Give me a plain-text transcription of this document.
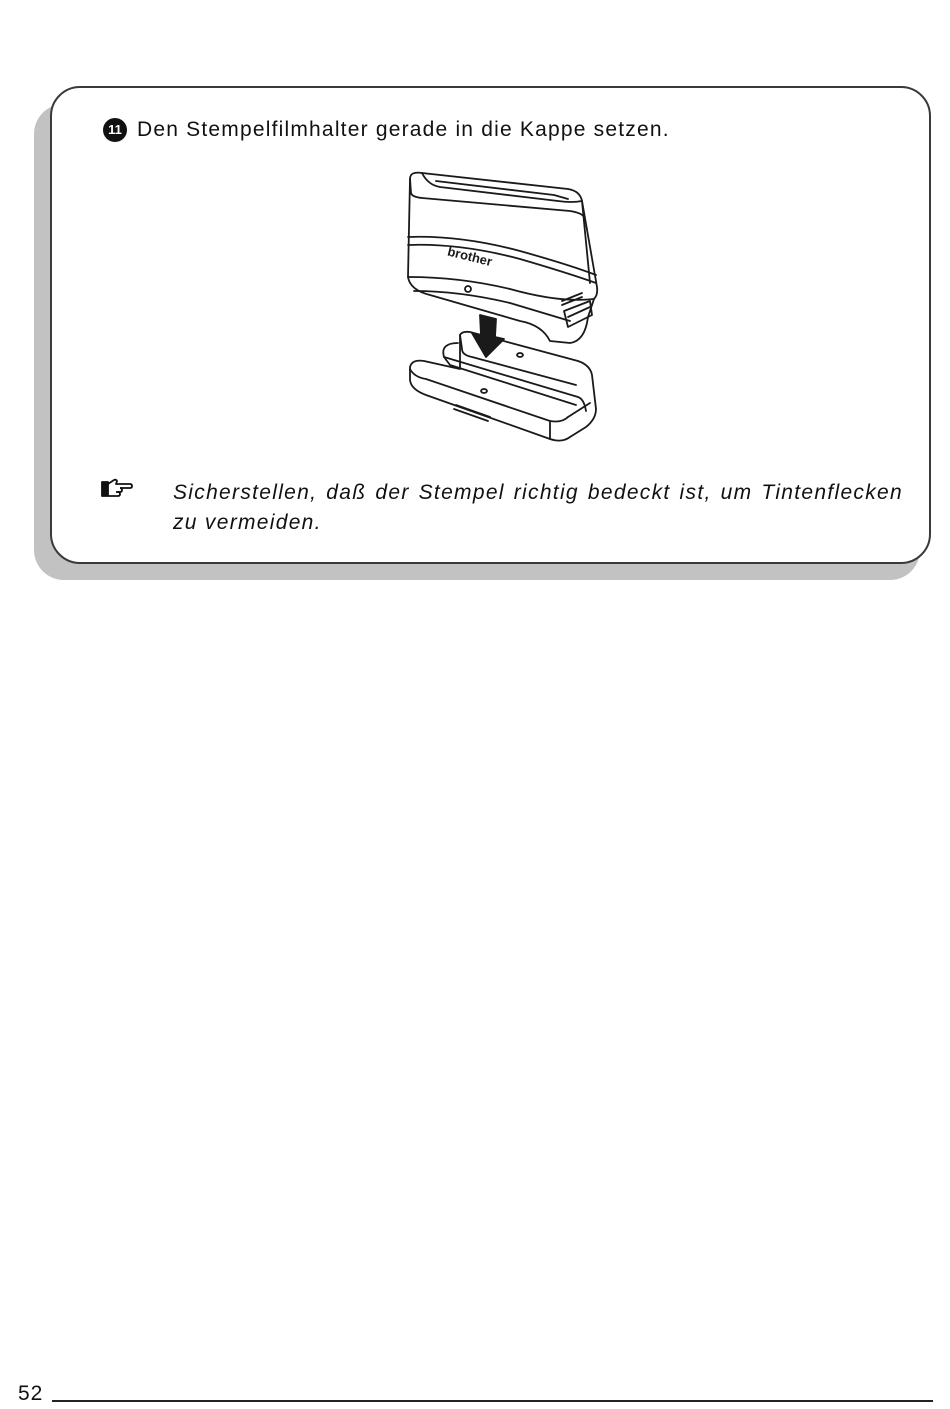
11 Den Stempelfilmhalter gerade in die Kappe setzen.
brother
Sicherstellen, daß der Stempel richtig bedeckt ist, um Tintenflecken zu vermeiden.
52
